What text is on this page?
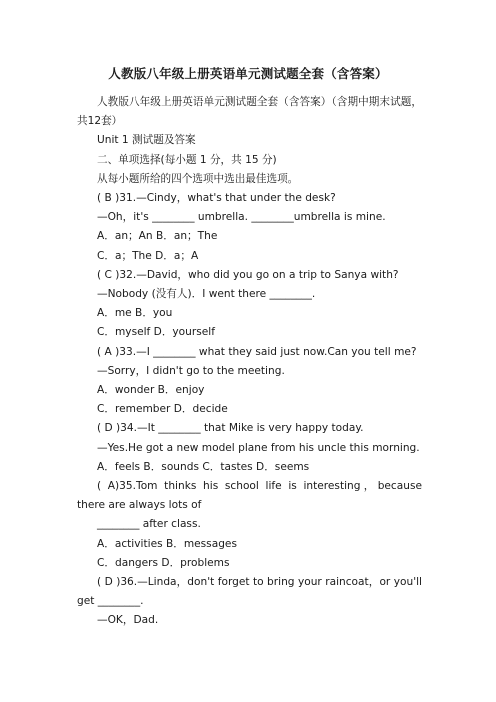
人教版八年级上册英语单元测试题全套（含答案）
人教版八年级上册英语单元测试题全套（含答案）（含期中期末试题，共12套）
Unit 1 测试题及答案
二、单项选择(每小题 1 分，共 15 分)
从每小题所给的四个选项中选出最佳选项。
( B )31.—Cindy，what's that under the desk?
—Oh，it's ________ umbrella. ________umbrella is mine.
A．an；An B．an；The
C．a；The D．a；A
( C )32.—David，who did you go on a trip to Sanya with?
—Nobody (没有人)．I went there ________.
A．me B．you
C．myself D．yourself
( A )33.—I ________ what they said just now.Can you tell me?
—Sorry，I didn't go to the meeting.
A．wonder B．enjoy
C．remember D．decide
( D )34.—It ________ that Mike is very happy today.
—Yes.He got a new model plane from his uncle this morning.
A．feels B．sounds C．tastes D．seems
( A)35.Tom thinks his school life is interesting，because there are always lots of
________ after class.
A．activities B．messages
C．dangers D．problems
( D )36.—Linda，don't forget to bring your raincoat，or you'll get ________.
—OK，Dad.
